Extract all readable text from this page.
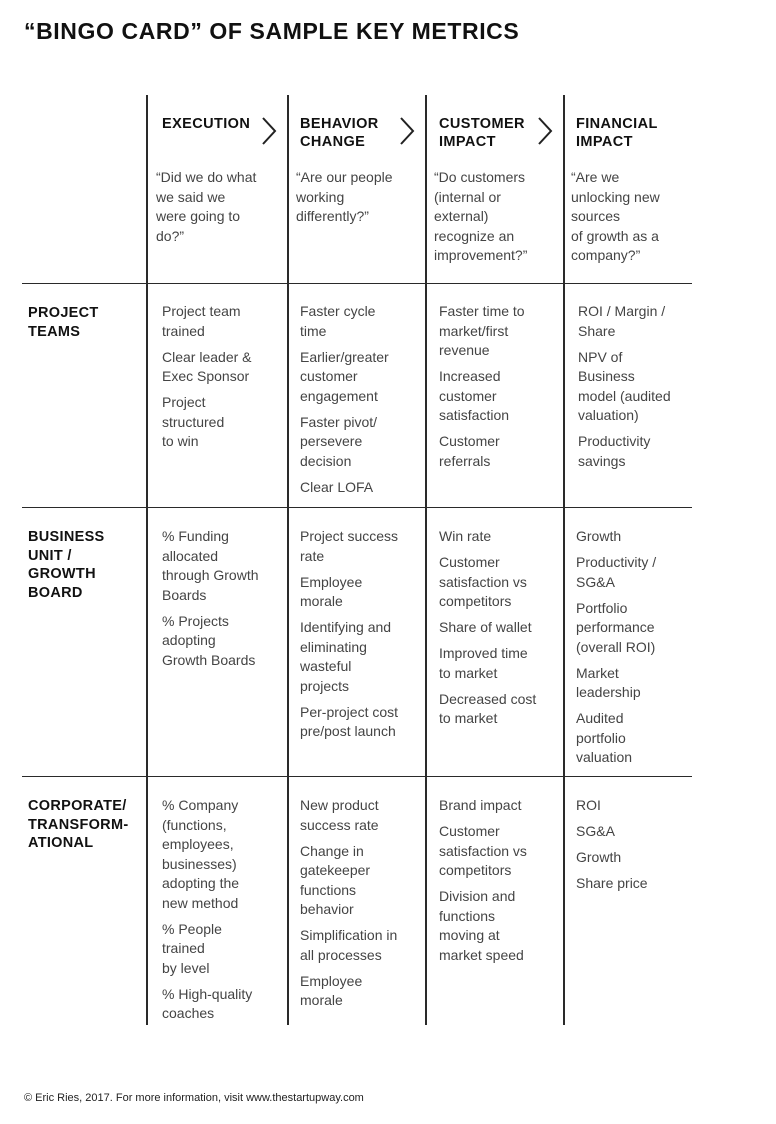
“BINGO CARD” OF SAMPLE KEY METRICS
EXECUTION	BEHAVIOR
CHANGE
CUSTOMER
IMPACT
FINANCIAL
IMPACT
“Did we do what
we said we
were going to
do?”
“Are our people
working
differently?”
“Do customers
(internal or
external)
recognize an
improvement?”
“Are we
unlocking new
sources
of growth as a
company?”
PROJECT
TEAMS
BUSINESS
UNIT /
GROWTH
BOARD
CORPORATE/
TRANSFORM-
ATIONAL
Project team
trained
Clear leader &
Exec Sponsor
Project
structured
to win
Faster cycle
time
Earlier/greater
customer
engagement
Faster pivot/
persevere
decision
Clear LOFA
Faster time to
market/first
revenue
Increased
customer
satisfaction
Customer
referrals
ROI / Margin /
Share
NPV of
Business
model (audited
valuation)
Productivity
savings
% Funding
allocated
through Growth
Boards
% Projects
adopting
Growth Boards
Project success
rate
Employee
morale
Identifying and
eliminating
wasteful
projects
Per-project cost
pre/post launch
Win rate
Customer
satisfaction vs
competitors
Share of wallet
Improved time
to market
Decreased cost
to market
Growth
Productivity /
SG&A
Portfolio
performance
(overall ROI)
Market
leadership
Audited
portfolio
valuation
% Company
(functions,
employees,
businesses)
adopting the
new method
% People
trained
by level
% High-quality
coaches
New product
success rate
Change in
gatekeeper
functions
behavior
Simplification in
all processes
Employee
morale
Brand impact
Customer
satisfaction vs
competitors
Division and
functions
moving at
market speed
ROI
SG&A
Growth
Share price
© Eric Ries, 2017. For more information, visit www.thestartupway.com
